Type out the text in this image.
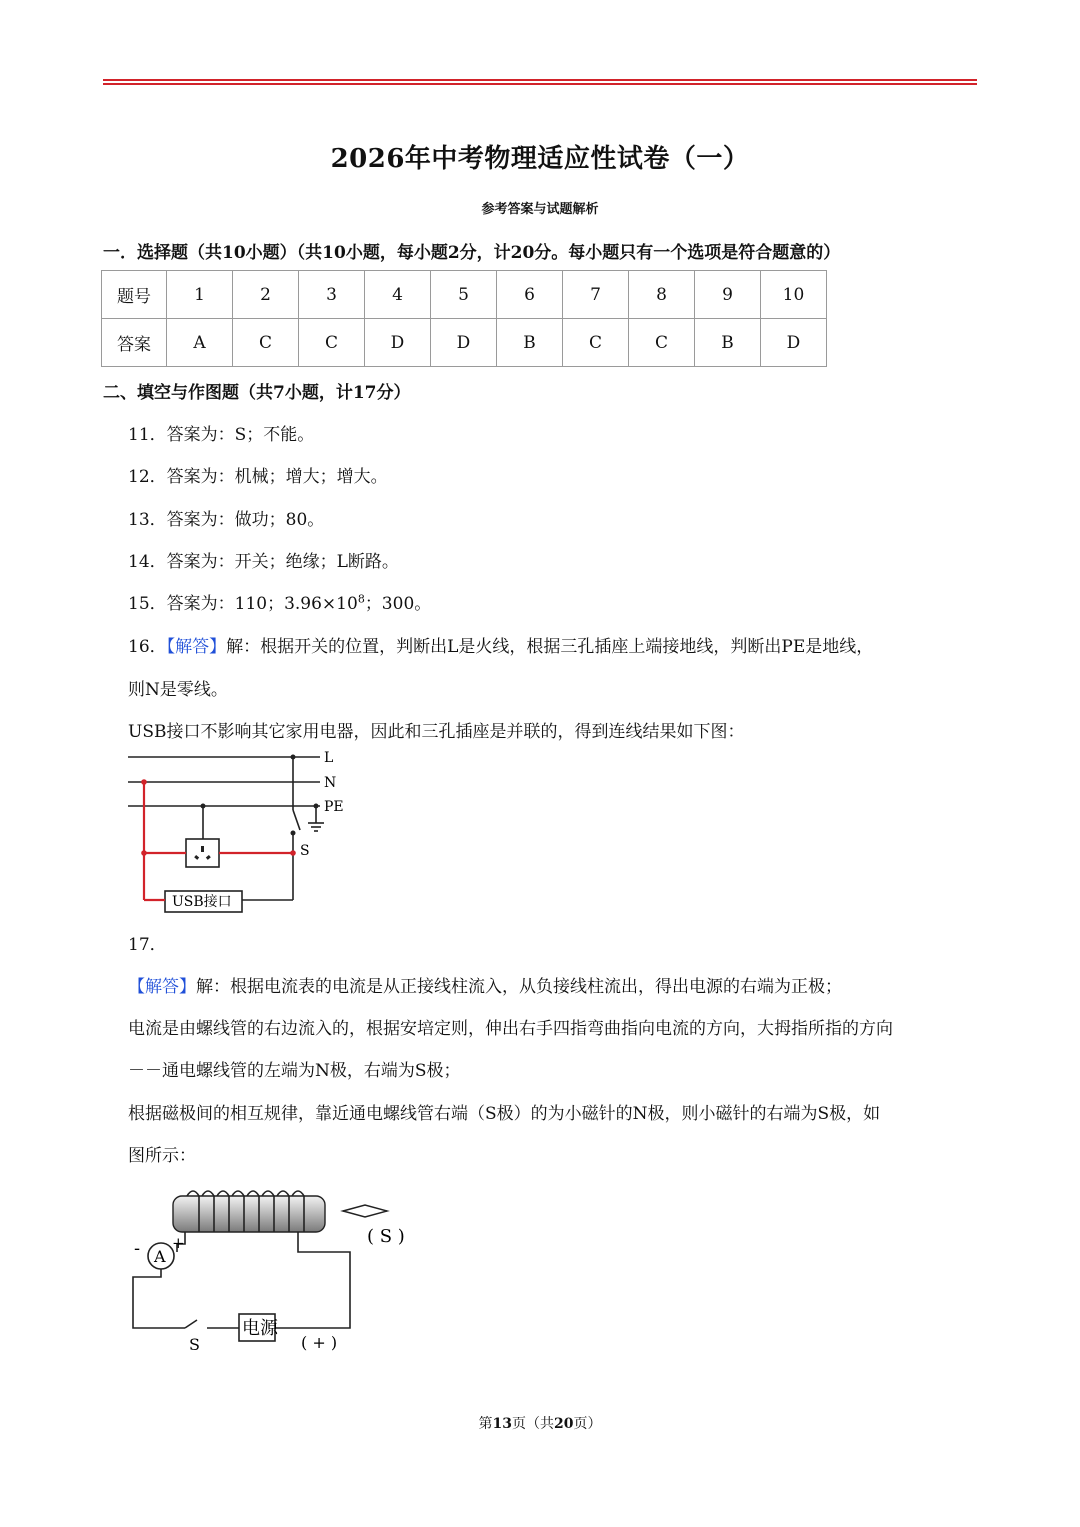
2026年中考物理适应性试卷（一）
参考答案与试题解析
一．选择题（共10小题）（共10小题，每小题2分，计20分。每小题只有一个选项是符合题意的）
题号	1	2	3	4	5	6	7	8	9	10
答案	A	C	C	D	D	B	C	C	B	D
二、填空与作图题（共7小题，计17分）
11．答案为：S；不能。
12．答案为：机械；增大；增大。
13．答案为：做功；80。
14．答案为：开关；绝缘；L断路。
15．答案为：110；$3.96\times 10^8$；300。
16．【解答】解：根据开关的位置，判断出L是火线，根据三孔插座上端接地线，判断出PE是地线，
则N是零线。
USB接口不影响其它家用电器，因此和三孔插座是并联的，得到连线结果如下图：
L
N
PE
S
USB接口
17．
【解答】解：根据电流表的电流是从正接线柱流入，从负接线柱流出，得出电源的右端为正极；
电流是由螺线管的右边流入的，根据安培定则，伸出右手四指弯曲指向电流的方向，大拇指所指的方向
－－通电螺线管的左端为N极，右端为S极；
根据磁极间的相互规律，靠近通电螺线管右端（S极）的为小磁针的N极，则小磁针的右端为S极，如
图所示：
- A
+	( S )
S
电源
( + )
第13页（共20页）
